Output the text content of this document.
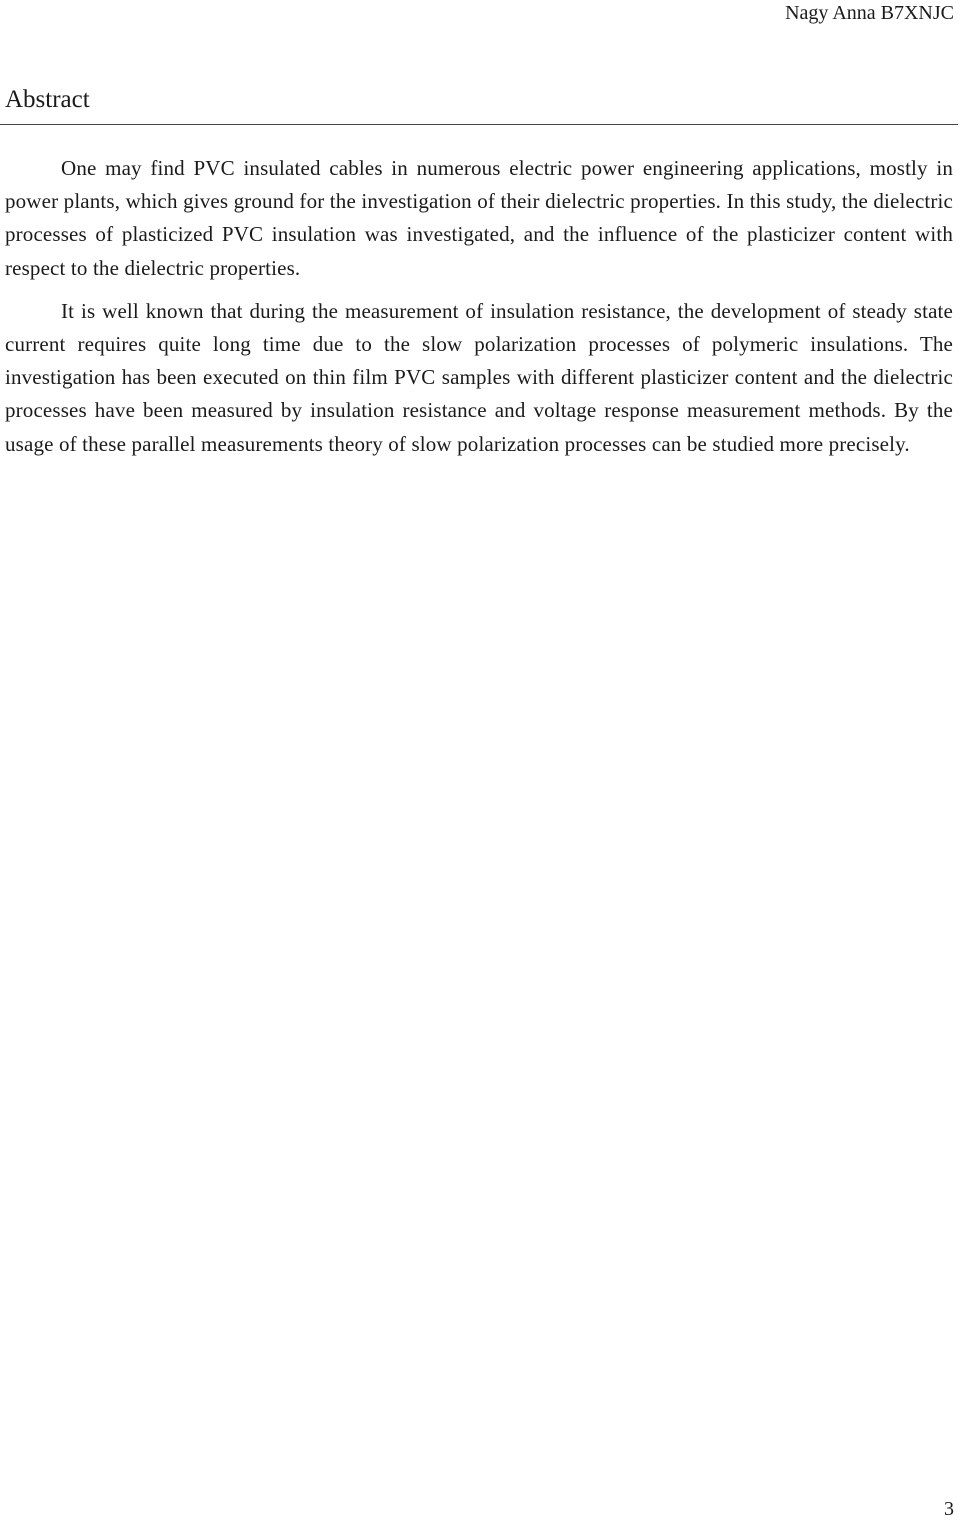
Nagy Anna B7XNJC
Abstract

One may find PVC insulated cables in numerous electric power engineering applications, mostly in power plants, which gives ground for the investigation of their dielectric properties. In this study, the dielectric processes of plasticized PVC insulation was investigated, and the influence of the plasticizer content with respect to the dielectric properties.

It is well known that during the measurement of insulation resistance, the development of steady state current requires quite long time due to the slow polarization processes of polymeric insulations. The investigation has been executed on thin film PVC samples with different plasticizer content and the dielectric processes have been measured by insulation resistance and voltage response measurement methods. By the usage of these parallel measurements theory of slow polarization processes can be studied more precisely.

3
